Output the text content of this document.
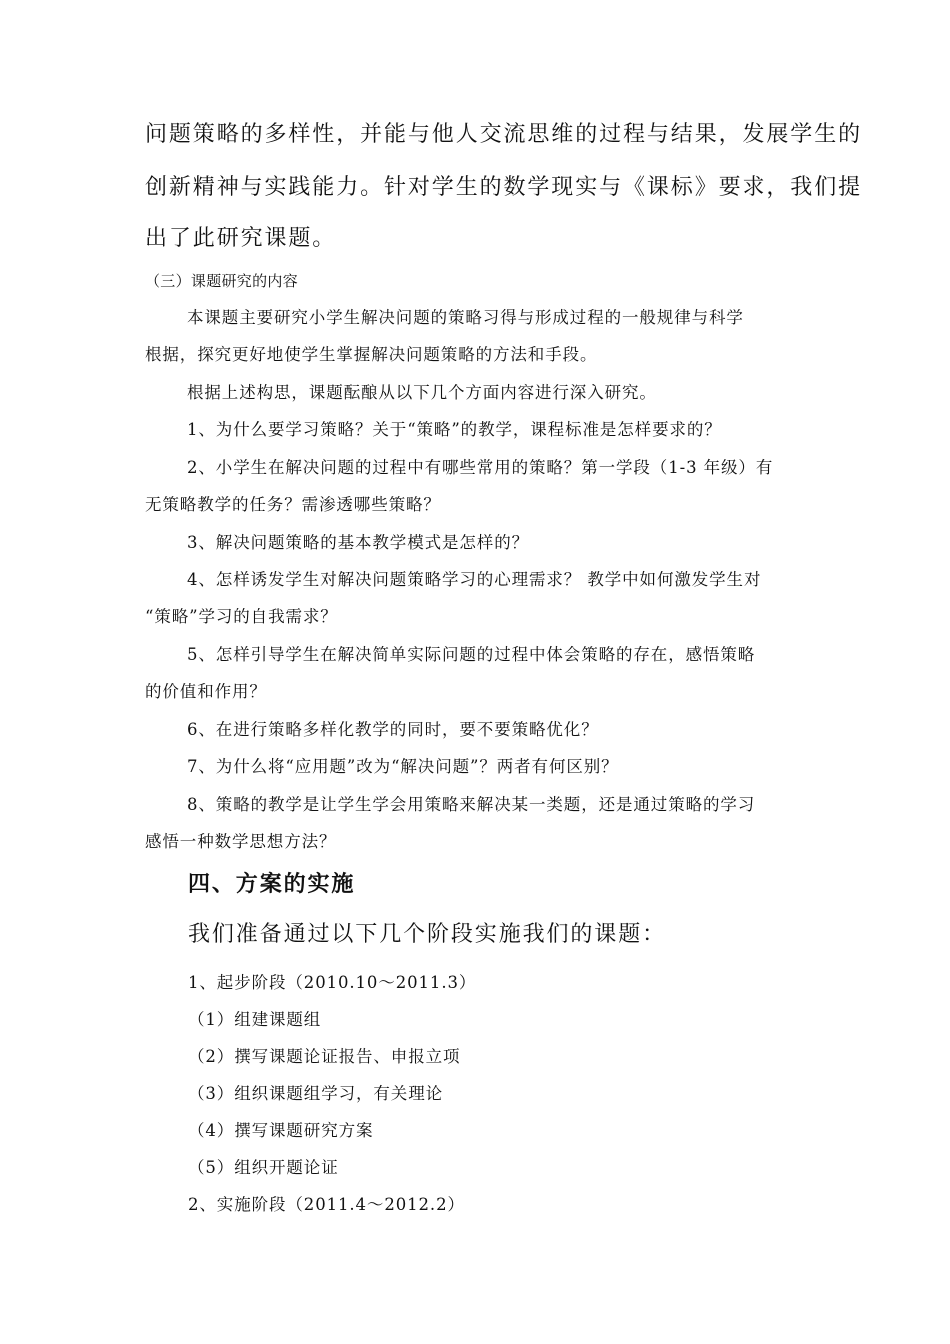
问题策略的多样性，并能与他人交流思维的过程与结果，发展学生的
创新精神与实践能力。针对学生的数学现实与《课标》要求，我们提
出了此研究课题。
（三）课题研究的内容
本课题主要研究小学生解决问题的策略习得与形成过程的一般规律与科学
根据，探究更好地使学生掌握解决问题策略的方法和手段。
根据上述构思，课题酝酿从以下几个方面内容进行深入研究。
1、为什么要学习策略？关于“策略”的教学，课程标准是怎样要求的？
2、小学生在解决问题的过程中有哪些常用的策略？第一学段（1-3 年级）有
无策略教学的任务？需渗透哪些策略？
3、解决问题策略的基本教学模式是怎样的？
4、怎样诱发学生对解决问题策略学习的心理需求？ 教学中如何激发学生对
“策略”学习的自我需求？
5、怎样引导学生在解决简单实际问题的过程中体会策略的存在，感悟策略
的价值和作用？
6、在进行策略多样化教学的同时，要不要策略优化？
7、为什么将“应用题”改为“解决问题”？两者有何区别？
8、策略的教学是让学生学会用策略来解决某一类题，还是通过策略的学习
感悟一种数学思想方法？
四、方案的实施
我们准备通过以下几个阶段实施我们的课题：
1、起步阶段（2010.10～2011.3）
（1）组建课题组
（2）撰写课题论证报告、申报立项
（3）组织课题组学习，有关理论
（4）撰写课题研究方案
（5）组织开题论证
2、实施阶段（2011.4～2012.2）
